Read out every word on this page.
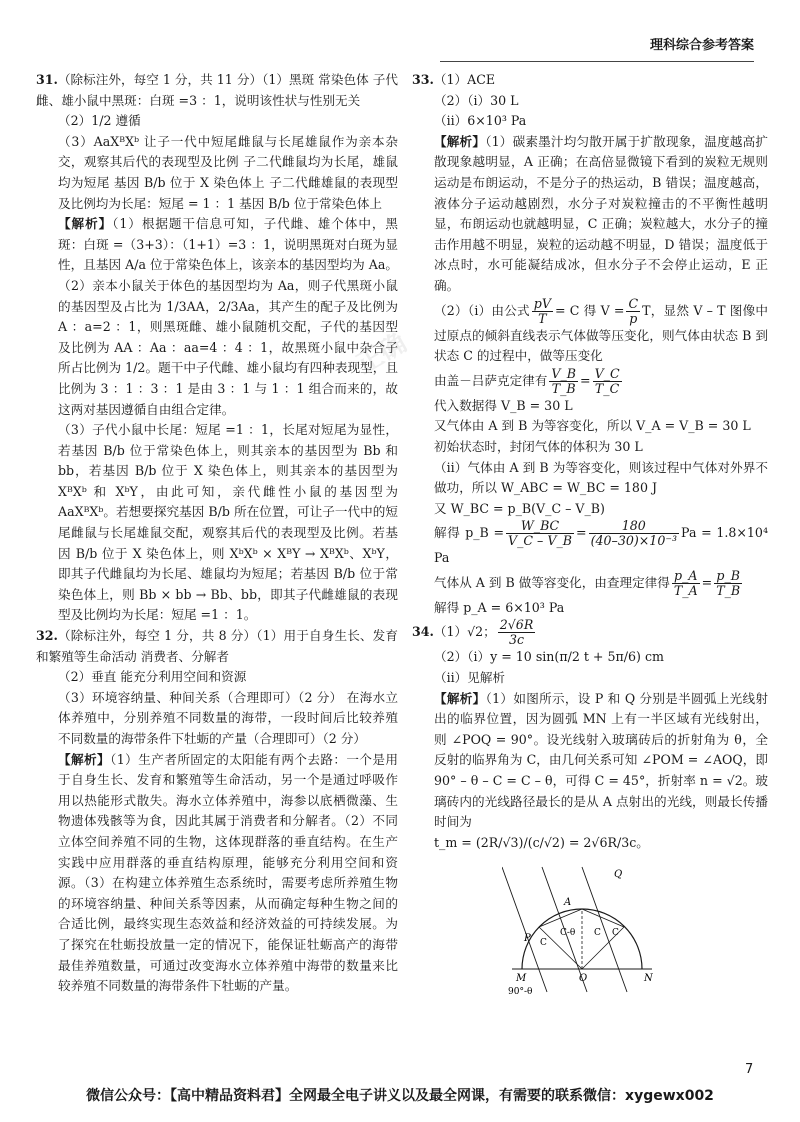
理科综合参考答案
正确

31.（除标注外，每空 1 分，共 11 分）（1）黑斑 常染色体 子代雌、雄小鼠中黑斑：白斑 =3 ：1，说明该性状与性别无关

（2）1/2 遵循

（3）AaXᴮXᵇ 让子一代中短尾雌鼠与长尾雄鼠作为亲本杂交，观察其后代的表现型及比例 子二代雌鼠均为长尾，雄鼠均为短尾 基因 B/b 位于 X 染色体上 子二代雌雄鼠的表现型及比例均为长尾：短尾 = 1 ：1 基因 B/b 位于常染色体上

【解析】（1）根据题干信息可知，子代雌、雄个体中，黑斑：白斑 =（3+3）：（1+1）=3 ：1，说明黑斑对白斑为显性，且基因 A/a 位于常染色体上，该亲本的基因型均为 Aa。（2）亲本小鼠关于体色的基因型均为 Aa，则子代黑斑小鼠的基因型及占比为 1/3AA，2/3Aa，其产生的配子及比例为 A ：a=2 ：1，则黑斑雌、雄小鼠随机交配，子代的基因型及比例为 AA ：Aa ：aa=4 ：4 ：1，故黑斑小鼠中杂合子所占比例为 1/2。题干中子代雌、雄小鼠均有四种表现型，且比例为 3 ：1 ：3 ：1 是由 3 ：1 与 1 ：1 组合而来的，故这两对基因遵循自由组合定律。

（3）子代小鼠中长尾：短尾 =1 ：1，长尾对短尾为显性，若基因 B/b 位于常染色体上，则其亲本的基因型为 Bb 和 bb，若基因 B/b 位于 X 染色体上，则其亲本的基因型为 XᴮXᵇ 和 XᵇY，由此可知，亲代雌性小鼠的基因型为 AaXᴮXᵇ。若想要探究基因 B/b 所在位置，可让子一代中的短尾雌鼠与长尾雄鼠交配，观察其后代的表现型及比例。若基因 B/b 位于 X 染色体上，则 XᵇXᵇ × XᴮY → XᴮXᵇ、XᵇY，即其子代雌鼠均为长尾、雄鼠均为短尾；若基因 B/b 位于常染色体上，则 Bb × bb → Bb、bb，即其子代雌雄鼠的表现型及比例均为长尾：短尾 =1 ：1。

32.（除标注外，每空 1 分，共 8 分）（1）用于自身生长、发育和繁殖等生命活动 消费者、分解者

（2）垂直 能充分利用空间和资源

（3）环境容纳量、种间关系（合理即可）（2 分） 在海水立体养殖中，分别养殖不同数量的海带，一段时间后比较养殖不同数量的海带条件下牡蛎的产量（合理即可）（2 分）

【解析】（1）生产者所固定的太阳能有两个去路：一个是用于自身生长、发育和繁殖等生命活动，另一个是通过呼吸作用以热能形式散失。海水立体养殖中，海参以底栖微藻、生物遗体残骸等为食，因此其属于消费者和分解者。（2）不同立体空间养殖不同的生物，这体现群落的垂直结构。在生产实践中应用群落的垂直结构原理，能够充分利用空间和资源。（3）在构建立体养殖生态系统时，需要考虑所养殖生物的环境容纳量、种间关系等因素，从而确定每种生物之间的合适比例，最终实现生态效益和经济效益的可持续发展。为了探究在牡蛎投放量一定的情况下，能保证牡蛎高产的海带最佳养殖数量，可通过改变海水立体养殖中海带的数量来比较养殖不同数量的海带条件下牡蛎的产量。

33.（1）ACE

（2）（ⅰ）30 L

（ⅱ）6×10³ Pa

【解析】（1）碳素墨汁均匀散开属于扩散现象，温度越高扩散现象越明显，A 正确；在高倍显微镜下看到的炭粒无规则运动是布朗运动，不是分子的热运动，B 错误；温度越高，液体分子运动越剧烈，水分子对炭粒撞击的不平衡性越明显，布朗运动也就越明显，C 正确；炭粒越大，水分子的撞击作用越不明显，炭粒的运动越不明显，D 错误；温度低于冰点时，水可能凝结成冰，但水分子不会停止运动，E 正确。

（2）（ⅰ）由公式 $\frac{pV}{T} = C$ 得 $V = \frac{C}{p}$ T，显然 V – T 图像中过原点的倾斜直线表示气体做等压变化，则气体由状态 B 到状态 C 的过程中，做等压变化

由盖－吕萨克定律有 $\frac{V\_B}{T\_B} = \frac{V\_C}{T\_C}$

代入数据得 V_B = 30 L

又气体由 A 到 B 为等容变化，所以 V_A = V_B = 30 L

初始状态时，封闭气体的体积为 30 L

（ⅱ）气体由 A 到 B 为等容变化，则该过程中气体对外界不做功，所以 W_ABC = W_BC = 180 J

又 W_BC = p_B(V_C – V_B)

解得 p_B = $\frac{W\_BC}{V\_C - V\_B} = \frac{180}{\text{(40–30)×10⁻³}}$ Pa = 1.8×10⁴ Pa

气体从 A 到 B 做等容变化，由查理定律得 $\frac{p\_A}{T\_A} = \frac{p\_B}{T\_B}$

解得 p_A = 6×10³ Pa

34.（1）√2； $\frac{2√6R}{3c}$

（2）（ⅰ）y = 10 sin(π/2 t + 5π/6) cm

（ⅱ）见解析

【解析】（1）如图所示，设 P 和 Q 分别是半圆弧上光线射出的临界位置，因为圆弧 MN 上有一半区域有光线射出，则 ∠POQ = 90°。设光线射入玻璃砖后的折射角为 θ，全反射的临界角为 C，由几何关系可知 ∠POM = ∠AOQ，即 90° – θ – C = C – θ，可得 C = 45°，折射率 n = √2。玻璃砖内的光线路径最长的是从 A 点射出的光线，则最长传播时间为

t_m = (2R/√3)/(c/√2) = 2√6R/3c。

Q
A
C-θ C C
P C
M	O	N
90°-θ
7
微信公众号：【高中精品资料君】全网最全电子讲义以及最全网课，有需要的联系微信：xygewx002
